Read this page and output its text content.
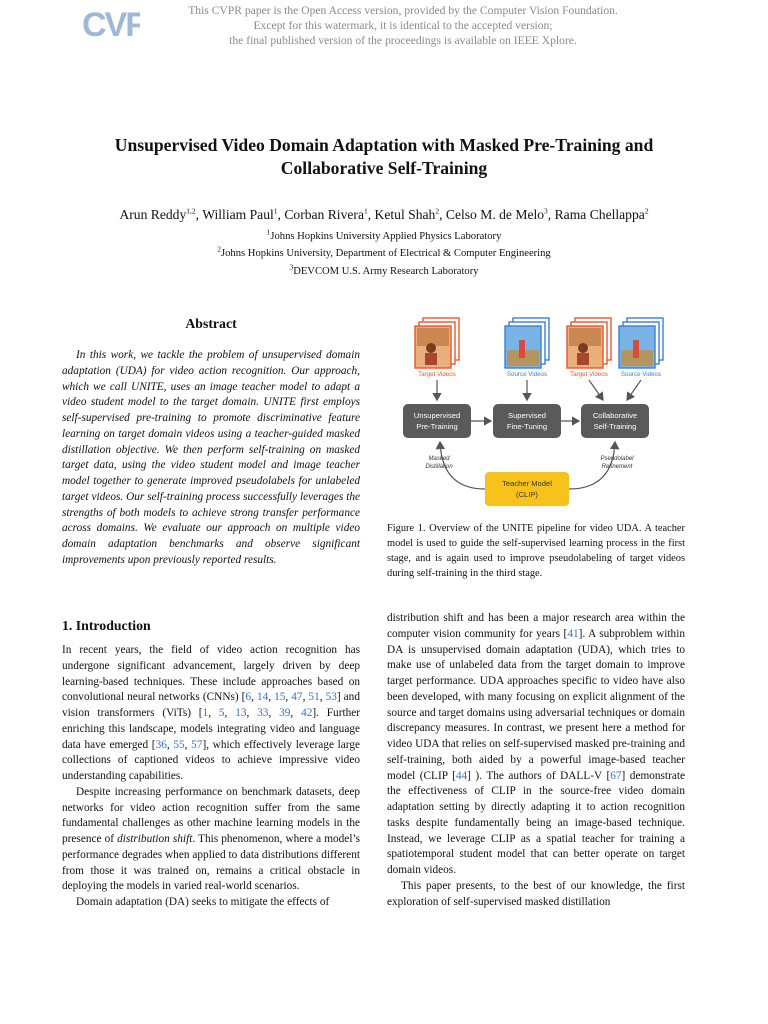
CVF	This CVPR paper is the Open Access version, provided by the Computer Vision Foundation.
Except for this watermark, it is identical to the accepted version;
the final published version of the proceedings is available on IEEE Xplore.
Unsupervised Video Domain Adaptation with Masked Pre-Training and
Collaborative Self-Training
Arun Reddy$^{1,2}$, William Paul$^1$, Corban Rivera$^1$, Ketul Shah$^2$, Celso M. de Melo$^3$, Rama Chellappa$^2$
$^1$Johns Hopkins University Applied Physics Laboratory
$^2$Johns Hopkins University, Department of Electrical & Computer Engineering
$^3$DEVCOM U.S. Army Research Laboratory
Abstract

In this work, we tackle the problem of unsupervised domain adaptation (UDA) for video action recognition. Our approach, which we call UNITE, uses an image teacher model to adapt a video student model to the target domain. UNITE first employs self-supervised pre-training to promote discriminative feature learning on target domain videos using a teacher-guided masked distillation objective. We then perform self-training on masked target data, using the video student model and image teacher model together to generate improved pseudolabels for unlabeled target videos. Our self-training process successfully leverages the strengths of both models to achieve strong transfer performance across domains. We evaluate our approach on multiple video domain adaptation benchmarks and observe significant improvements upon previously reported results.

Target Videos	Source Videos	Target Videos Source Videos
Unsupervised
Pre-Training
Supervised
Fine-Tuning
Collaborative
Self-Training
Teacher Model
(CLIP)
Masked
Distillation
Pseudolabel
Refinement
Figure 1. Overview of the UNITE pipeline for video UDA. A teacher model is used to guide the self-supervised learning process in the first stage, and is again used to improve pseudolabeling of target videos during self-training in the third stage.
1. Introduction

In recent years, the field of video action recognition has undergone significant advancement, largely driven by deep learning-based techniques. These include approaches based on convolutional neural networks (CNNs) [6, 14, 15, 47, 51, 53] and vision transformers (ViTs) [1, 5, 13, 33, 39, 42]. Further enriching this landscape, models integrating video and language data have emerged [36, 55, 57], which effectively leverage large collections of captioned videos to achieve impressive video understanding capabilities.

Despite increasing performance on benchmark datasets, deep networks for video action recognition suffer from the same fundamental challenges as other machine learning models in the presence of distribution shift. This phenomenon, where a model’s performance degrades when applied to data distributions different from those it was trained on, remains a critical obstacle in deploying the models in varied real-world scenarios.

Domain adaptation (DA) seeks to mitigate the effects of

distribution shift and has been a major research area within the computer vision community for years [41]. A subproblem within DA is unsupervised domain adaptation (UDA), which tries to make use of unlabeled data from the target domain to improve target performance. UDA approaches specific to video have also been developed, with many focusing on explicit alignment of the source and target domains using adversarial techniques or domain discrepancy measures. In contrast, we present here a method for video UDA that relies on self-supervised masked pre-training and self-training, both aided by a powerful image-based teacher model (CLIP [44] ). The authors of DALL-V [67] demonstrate the effectiveness of CLIP in the source-free video domain adaptation setting by directly adapting it to action recognition tasks despite fundamentally being an image-based technique. Instead, we leverage CLIP as a spatial teacher for training a spatiotemporal student model that can better operate on target domain videos.

This paper presents, to the best of our knowledge, the first exploration of self-supervised masked distillation
